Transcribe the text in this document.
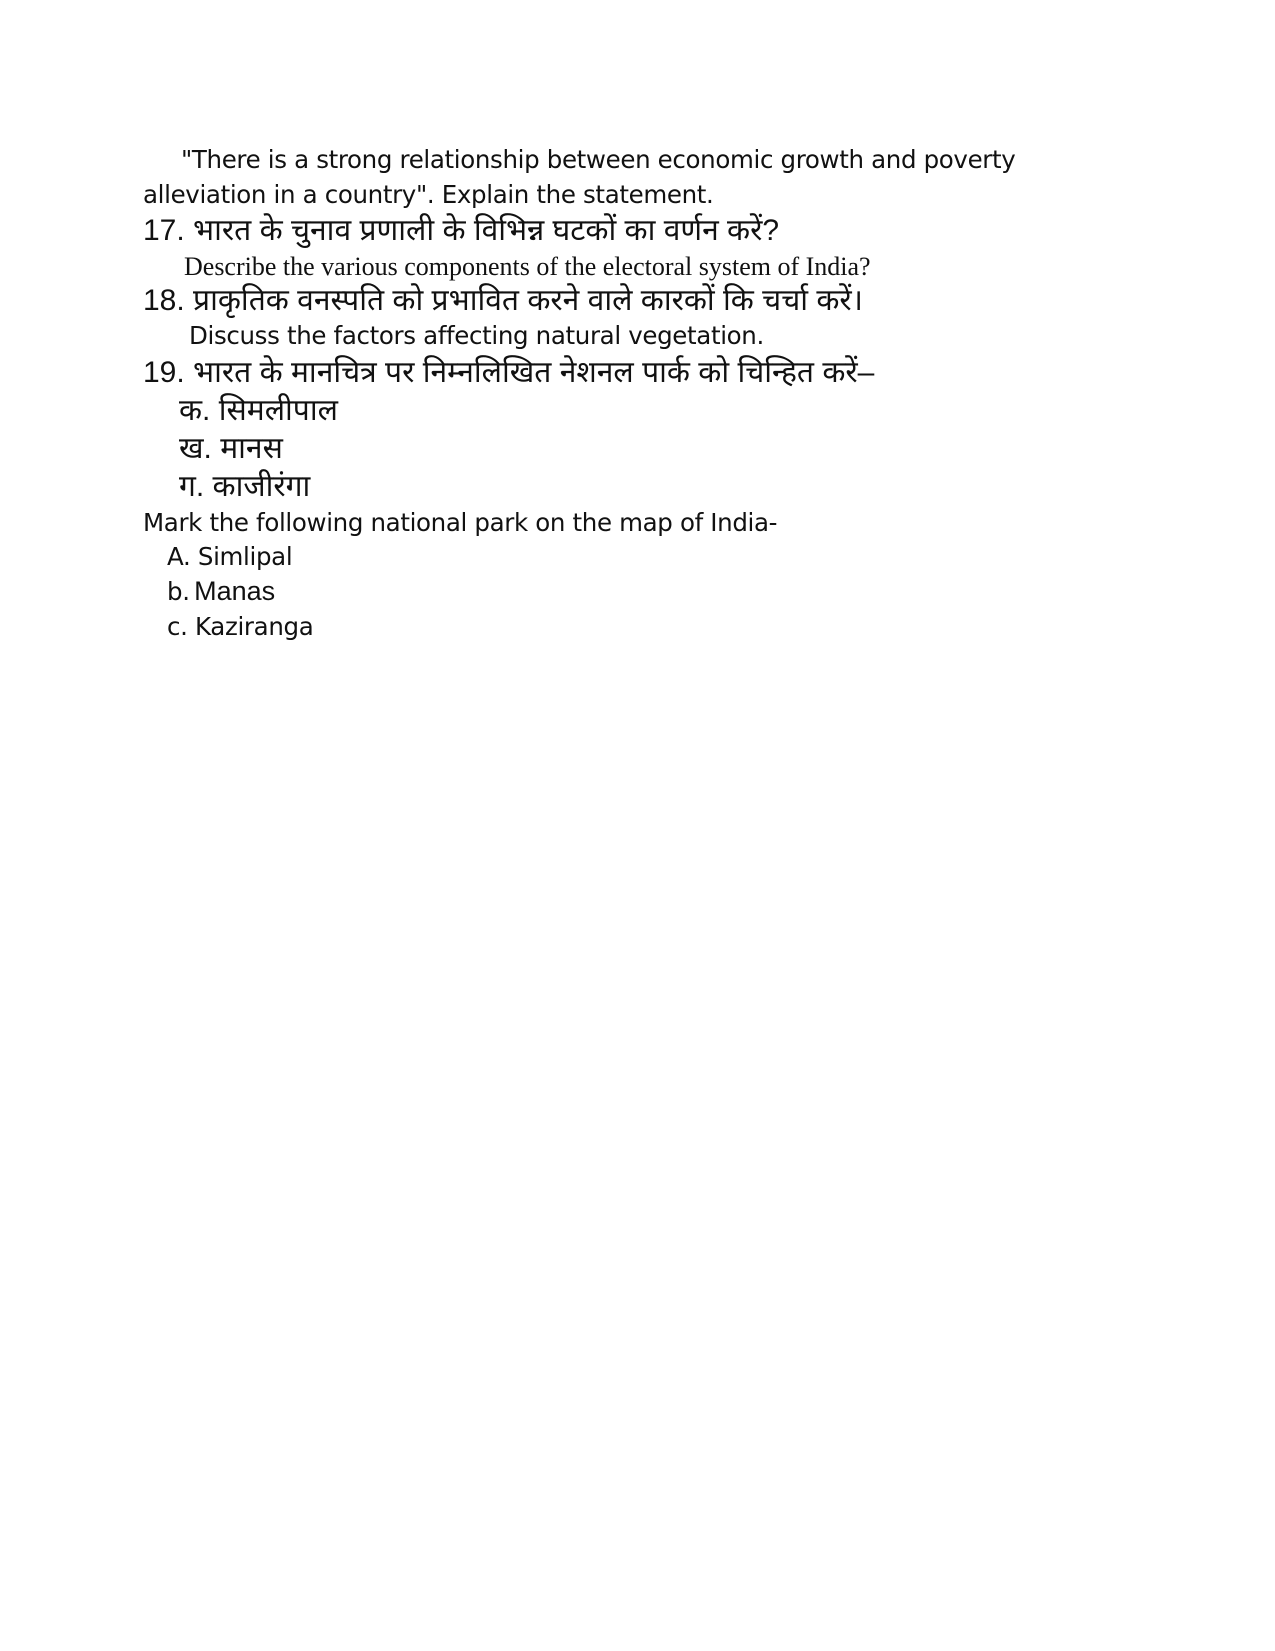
"There is a strong relationship between economic growth and poverty
alleviation in a country". Explain the statement.
17. भारत के चुनाव प्रणाली के विभिन्न घटकों का वर्णन करें?
Describe the various components of the electoral system of India?
18. प्राकृतिक वनस्पति को प्रभावित करने वाले कारकों कि चर्चा करें।
Discuss the factors affecting natural vegetation.
19. भारत के मानचित्र पर निम्नलिखित नेशनल पार्क को चिन्हित करें–
क. सिमलीपाल
ख. मानस
ग. काजीरंगा
Mark the following national park on the map of India-
A. Simlipal
b. Manas
c. Kaziranga
